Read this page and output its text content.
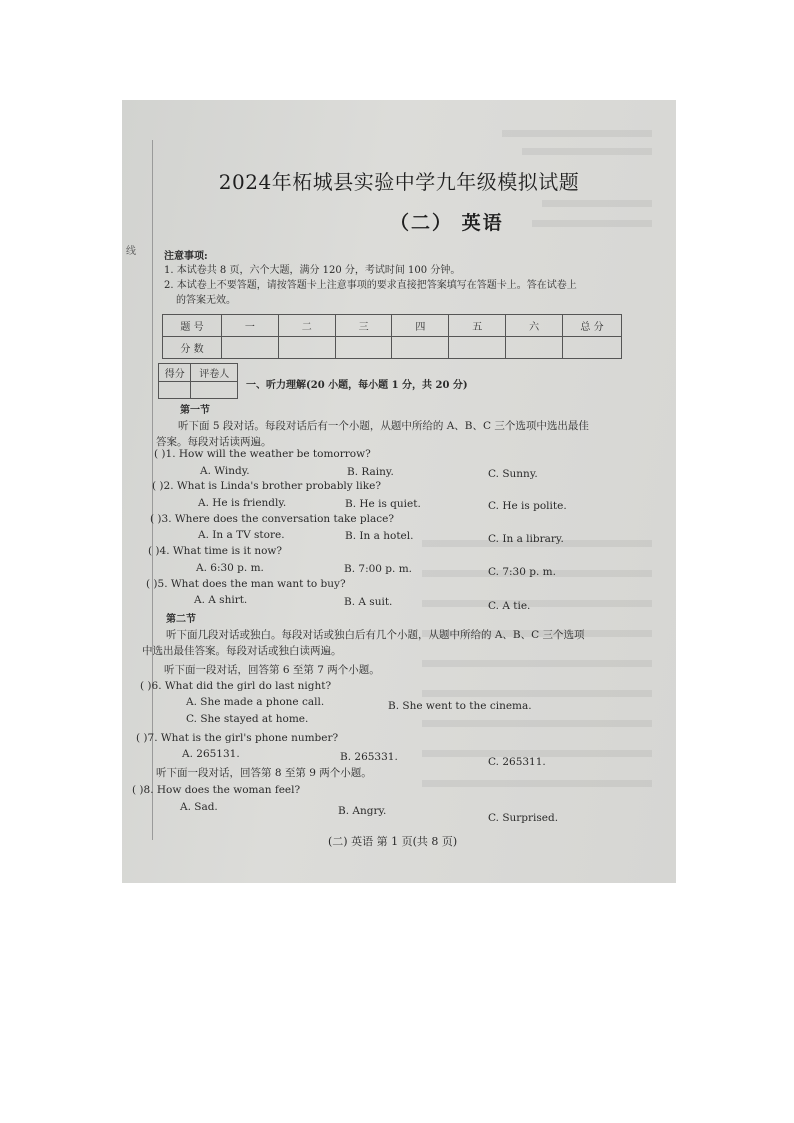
线
2024年柘城县实验中学九年级模拟试题
（二） 英语
注意事项:

1. 本试卷共 8 页，六个大题，满分 120 分，考试时间 100 分钟。

2. 本试卷上不要答题，请按答题卡上注意事项的要求直接把答案填写在答题卡上。答在试卷上

的答案无效。

题 号	一	二	三	四	五	六	总 分
分 数							
得分	评卷人

一、听力理解(20 小题，每小题 1 分，共 20 分)
第一节
听下面 5 段对话。每段对话后有一个小题，从题中所给的 A、B、C 三个选项中选出最佳
答案。每段对话读两遍。
( )1. How will the weather be tomorrow?
A. Windy.	B. Rainy.	C. Sunny.
( )2. What is Linda's brother probably like?
A. He is friendly.	B. He is quiet.	C. He is polite.
( )3. Where does the conversation take place?
A. In a TV store.	B. In a hotel.	C. In a library.
( )4. What time is it now?
A. 6:30 p. m.	B. 7:00 p. m.	C. 7:30 p. m.
( )5. What does the man want to buy?
A. A shirt.	B. A suit.	C. A tie.
第二节
听下面几段对话或独白。每段对话或独白后有几个小题，从题中所给的 A、B、C 三个选项
中选出最佳答案。每段对话或独白读两遍。
听下面一段对话，回答第 6 至第 7 两个小题。
( )6. What did the girl do last night?
A. She made a phone call.	B. She went to the cinema.
C. She stayed at home.
( )7. What is the girl's phone number?
A. 265131.	B. 265331.	C. 265311.
听下面一段对话，回答第 8 至第 9 两个小题。
( )8. How does the woman feel?
A. Sad.	B. Angry.
C. Surprised.
(二) 英语 第 1 页(共 8 页)
